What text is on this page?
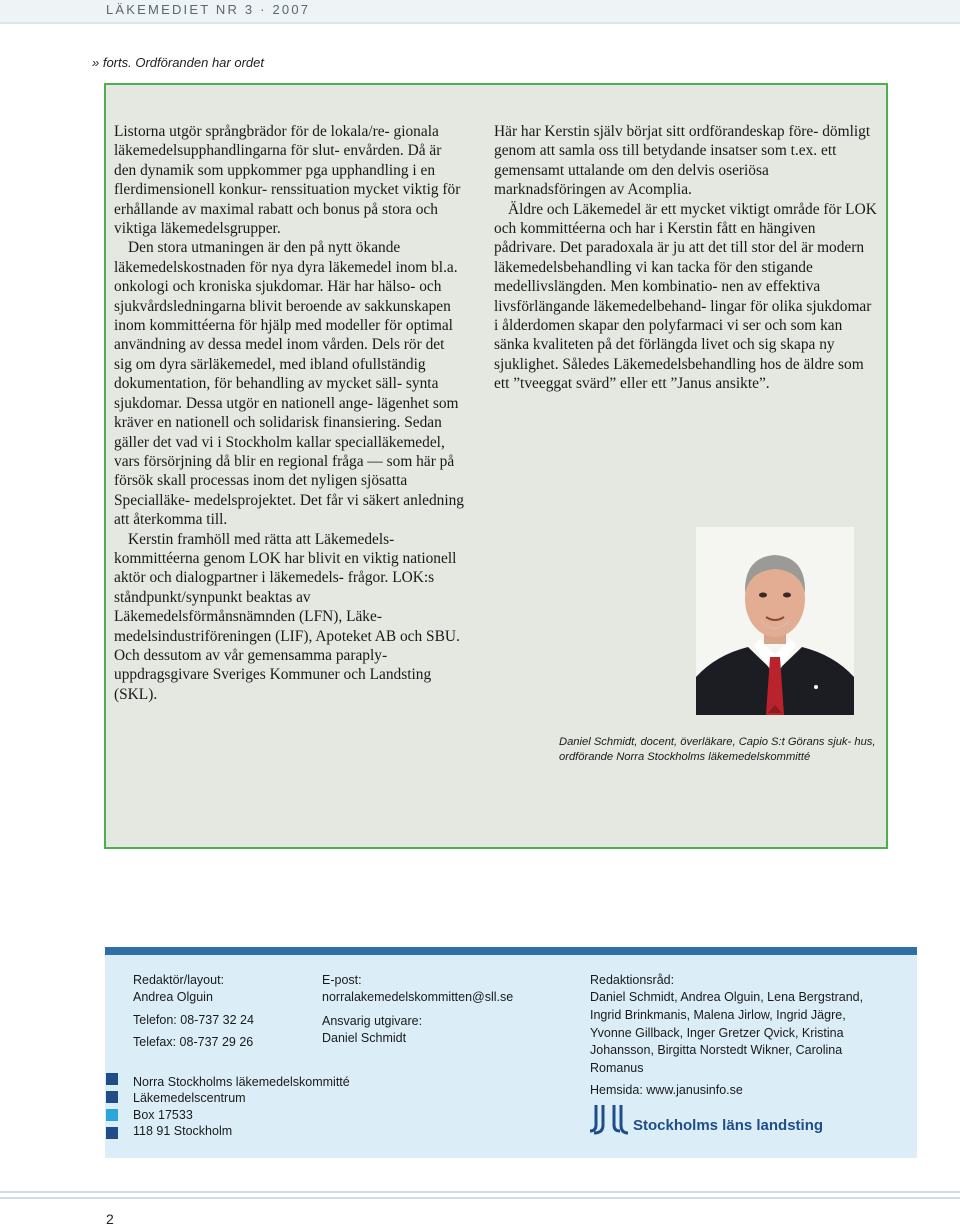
LÄKEMEDIET NR 3 · 2007
» forts. Ordföranden har ordet

Listorna utgör språngbrädor för de lokala/re- gionala läkemedelsupphandlingarna för slut- envården. Då är den dynamik som uppkommer pga upphandling i en flerdimensionell konkur- renssituation mycket viktig för erhållande av maximal rabatt och bonus på stora och viktiga läkemedelsgrupper.

Den stora utmaningen är den på nytt ökande läkemedelskostnaden för nya dyra läkemedel inom bl.a. onkologi och kroniska sjukdomar. Här har hälso- och sjukvårdsledningarna blivit beroende av sakkunskapen inom kommittéerna för hjälp med modeller för optimal användning av dessa medel inom vården. Dels rör det sig om dyra särläkemedel, med ibland ofullständig dokumentation, för behandling av mycket säll- synta sjukdomar. Dessa utgör en nationell ange- lägenhet som kräver en nationell och solidarisk finansiering. Sedan gäller det vad vi i Stockholm kallar specialläkemedel, vars försörjning då blir en regional fråga — som här på försök skall processas inom det nyligen sjösatta Specialläke- medelsprojektet. Det får vi säkert anledning att återkomma till.

Kerstin framhöll med rätta att Läkemedels- kommittéerna genom LOK har blivit en viktig nationell aktör och dialogpartner i läkemedels- frågor. LOK:s ståndpunkt/synpunkt beaktas av Läkemedelsförmånsnämnden (LFN), Läke- medelsindustriföreningen (LIF), Apoteket AB och SBU. Och dessutom av vår gemensamma paraply-uppdragsgivare Sveriges Kommuner och Landsting (SKL).

Här har Kerstin själv börjat sitt ordförandeskap före- dömligt genom att samla oss till betydande insatser som t.ex. ett gemensamt uttalande om den delvis oseriösa marknadsföringen av Acomplia.

Äldre och Läkemedel är ett mycket viktigt område för LOK och kommittéerna och har i Kerstin fått en hängiven pådrivare. Det paradoxala är ju att det till stor del är modern läkemedelsbehandling vi kan tacka för den stigande medellivslängden. Men kombinatio- nen av effektiva livsförlängande läkemedelbehand- lingar för olika sjukdomar i ålderdomen skapar den polyfarmaci vi ser och som kan sänka kvaliteten på det förlängda livet och sig skapa ny sjuklighet. Således Läkemedelsbehandling hos de äldre som ett ”tveeggat svärd” eller ett ”Janus ansikte”.

Daniel Schmidt, docent, överläkare, Capio S:t Görans sjuk- hus, ordförande Norra Stockholms läkemedelskommitté
Redaktör/layout:
Andrea Olguin
Telefon: 08-737 32 24
Telefax: 08-737 29 26
E-post:
norralakemedelskommitten@sll.se
Ansvarig utgivare:
Daniel Schmidt
Norra Stockholms läkemedelskommitté
Läkemedelscentrum
Box 17533
118 91 Stockholm
Redaktionsråd:
Daniel Schmidt, Andrea Olguin, Lena Bergstrand,
Ingrid Brinkmanis, Malena Jirlow, Ingrid Jägre,
Yvonne Gillback, Inger Gretzer Qvick, Kristina
Johansson, Birgitta Norstedt Wikner, Carolina
Romanus
Hemsida: www.janusinfo.se
Stockholms läns landsting
2
